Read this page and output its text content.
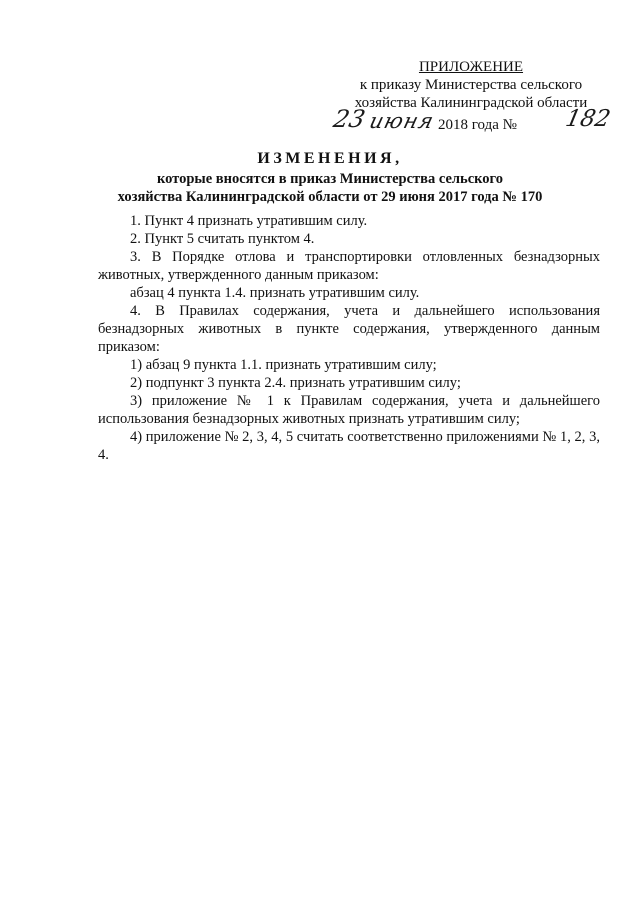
ПРИЛОЖЕНИЕ
к приказу Министерства сельского
хозяйства Калининградской области
23 июня 2018 года № 182
ИЗМЕНЕНИЯ,
которые вносятся в приказ Министерства сельского
хозяйства Калининградской области от 29 июня 2017 года № 170

1. Пункт 4 признать утратившим силу.

2. Пункт 5 считать пунктом 4.

3. В Порядке отлова и транспортировки отловленных безнадзорных животных, утвержденного данным приказом:

абзац 4 пункта 1.4. признать утратившим силу.

4. В Правилах содержания, учета и дальнейшего использования безнадзорных животных в пункте содержания, утвержденного данным приказом:

1) абзац 9 пункта 1.1. признать утратившим силу;

2) подпункт 3 пункта 2.4. признать утратившим силу;

3) приложение № 1 к Правилам содержания, учета и дальнейшего использования безнадзорных животных признать утратившим силу;

4) приложение № 2, 3, 4, 5 считать соответственно приложениями № 1, 2, 3, 4.
